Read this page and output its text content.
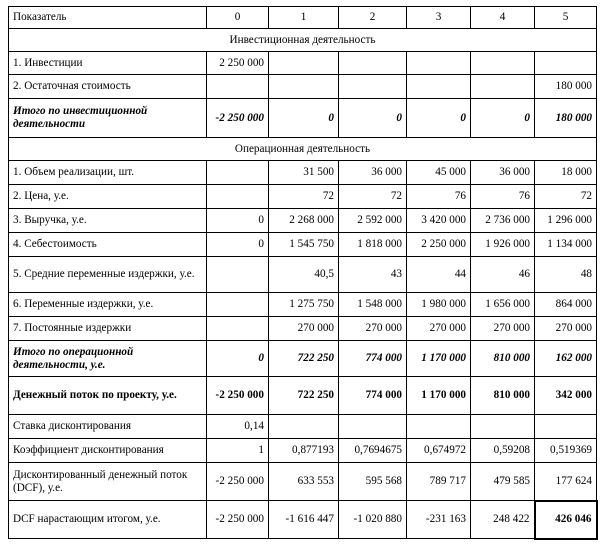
Показатель	0	1	2	3	4	5
Инвестиционная деятельность						
1. Инвестиции	2 250 000					
2. Остаточная стоимость						180 000
Итого по инвестиционной деятельности	-2 250 000	0	0	0	0	180 000
Операционная деятельность						
1. Объем реализации, шт.		31 500	36 000	45 000	36 000	18 000
2. Цена, у.е.		72	72	76	76	72
3. Выручка, у.е.	0	2 268 000	2 592 000	3 420 000	2 736 000	1 296 000
4. Себестоимость	0	1 545 750	1 818 000	2 250 000	1 926 000	1 134 000
5. Средние переменные издержки, у.е.		40,5	43	44	46	48
6. Переменные издержки, у.е.		1 275 750	1 548 000	1 980 000	1 656 000	864 000
7. Постоянные издержки		270 000	270 000	270 000	270 000	270 000
Итого по операционной деятельности, у.е.	0	722 250	774 000	1 170 000	810 000	162 000
Денежный поток по проекту, у.е.	-2 250 000	722 250	774 000	1 170 000	810 000	342 000
Ставка дисконтирования	0,14					
Коэффициент дисконтирования	1	0,877193	0,7694675	0,674972	0,59208	0,519369
Дисконтированный денежный поток (DCF), у.е.	-2 250 000	633 553	595 568	789 717	479 585	177 624
DCF нарастающим итогом, у.е.	-2 250 000	-1 616 447	-1 020 880	-231 163	248 422	426 046
